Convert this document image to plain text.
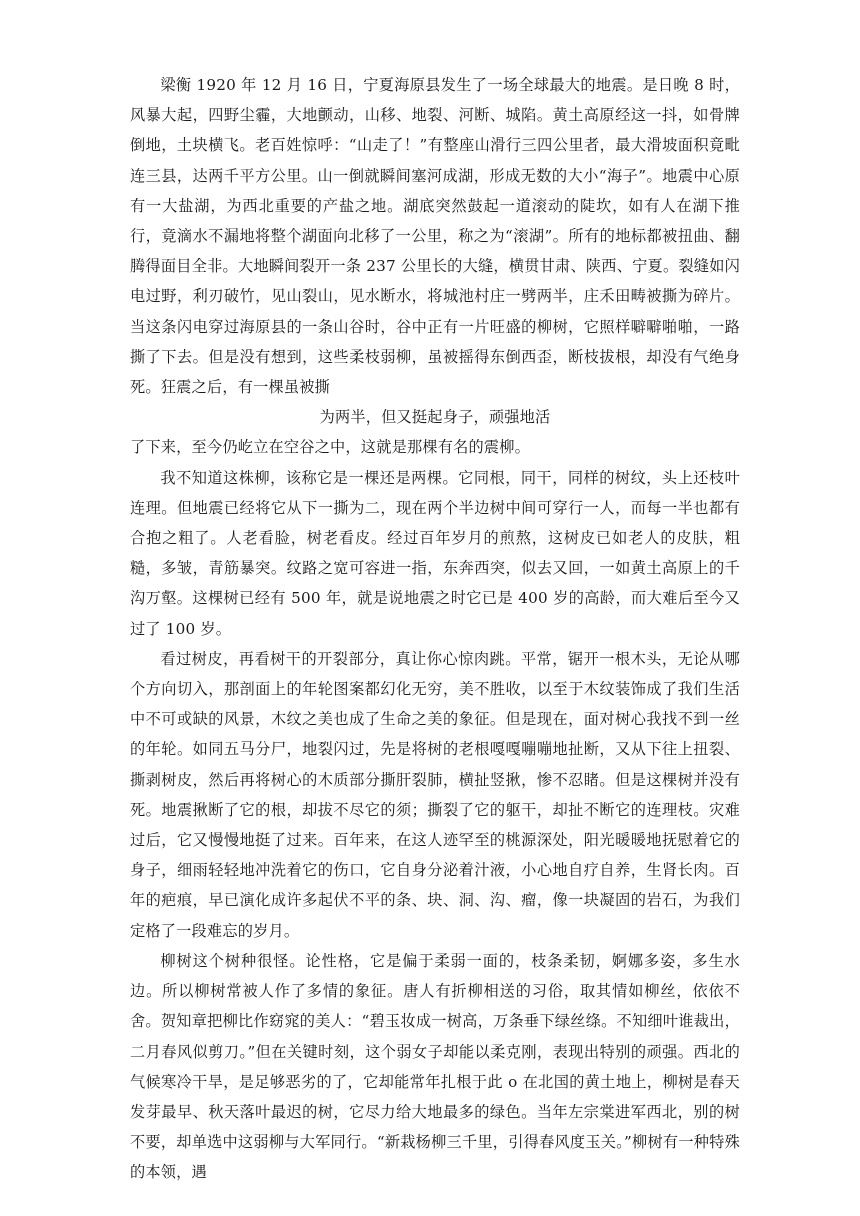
梁衡 1920 年 12 月 16 日，宁夏海原县发生了一场全球最大的地震。是日晚 8 时，风暴大起，四野尘霾，大地颤动，山移、地裂、河断、城陷。黄土高原经这一抖，如骨牌倒地，土块横飞。老百姓惊呼：“山走了！”有整座山滑行三四公里者，最大滑坡面积竟毗连三县，达两千平方公里。山一倒就瞬间塞河成湖，形成无数的大小“海子”。地震中心原有一大盐湖，为西北重要的产盐之地。湖底突然鼓起一道滚动的陡坎，如有人在湖下推行，竟滴水不漏地将整个湖面向北移了一公里，称之为“滚湖”。所有的地标都被扭曲、翻腾得面目全非。大地瞬间裂开一条 237 公里长的大缝，横贯甘肃、陕西、宁夏。裂缝如闪电过野，利刃破竹，见山裂山，见水断水，将城池村庄一劈两半，庄禾田畴被撕为碎片。当这条闪电穿过海原县的一条山谷时，谷中正有一片旺盛的柳树，它照样噼噼啪啪，一路撕了下去。但是没有想到，这些柔枝弱柳，虽被摇得东倒西歪，断枝拔根，却没有气绝身死。狂震之后，有一棵虽被撕

为两半，但又挺起身子，顽强地活

了下来，至今仍屹立在空谷之中，这就是那棵有名的震柳。

我不知道这株柳，该称它是一棵还是两棵。它同根，同干，同样的树纹，头上还枝叶连理。但地震已经将它从下一撕为二，现在两个半边树中间可穿行一人，而每一半也都有合抱之粗了。人老看脸，树老看皮。经过百年岁月的煎熬，这树皮已如老人的皮肤，粗糙，多皱，青筋暴突。纹路之宽可容进一指，东奔西突，似去又回，一如黄土高原上的千沟万壑。这棵树已经有 500 年，就是说地震之时它已是 400 岁的高龄，而大难后至今又过了 100 岁。

看过树皮，再看树干的开裂部分，真让你心惊肉跳。平常，锯开一根木头，无论从哪个方向切入，那剖面上的年轮图案都幻化无穷，美不胜收，以至于木纹装饰成了我们生活中不可或缺的风景，木纹之美也成了生命之美的象征。但是现在，面对树心我找不到一丝的年轮。如同五马分尸，地裂闪过，先是将树的老根嘎嘎嘣嘣地扯断，又从下往上扭裂、撕剥树皮，然后再将树心的木质部分撕肝裂肺，横扯竖揪，惨不忍睹。但是这棵树并没有死。地震揪断了它的根，却拔不尽它的须；撕裂了它的躯干，却扯不断它的连理枝。灾难过后，它又慢慢地挺了过来。百年来，在这人迹罕至的桃源深处，阳光暖暖地抚慰着它的身子，细雨轻轻地冲洗着它的伤口，它自身分泌着汁液，小心地自疗自养，生肾长肉。百年的疤痕，早已演化成许多起伏不平的条、块、洞、沟、瘤，像一块凝固的岩石，为我们定格了一段难忘的岁月。

柳树这个树种很怪。论性格，它是偏于柔弱一面的，枝条柔韧，婀娜多姿，多生水边。所以柳树常被人作了多情的象征。唐人有折柳相送的习俗，取其情如柳丝，依依不舍。贺知章把柳比作窈窕的美人：“碧玉妆成一树高，万条垂下绿丝绦。不知细叶谁裁出，二月春风似剪刀。”但在关键时刻，这个弱女子却能以柔克刚，表现出特别的顽强。西北的气候寒冷干旱，是足够恶劣的了，它却能常年扎根于此 o 在北国的黄土地上，柳树是春天发芽最早、秋天落叶最迟的树，它尽力给大地最多的绿色。当年左宗棠进军西北，别的树不要，却单选中这弱柳与大军同行。“新栽杨柳三千里，引得春风度玉关。”柳树有一种特殊的本领，遇
